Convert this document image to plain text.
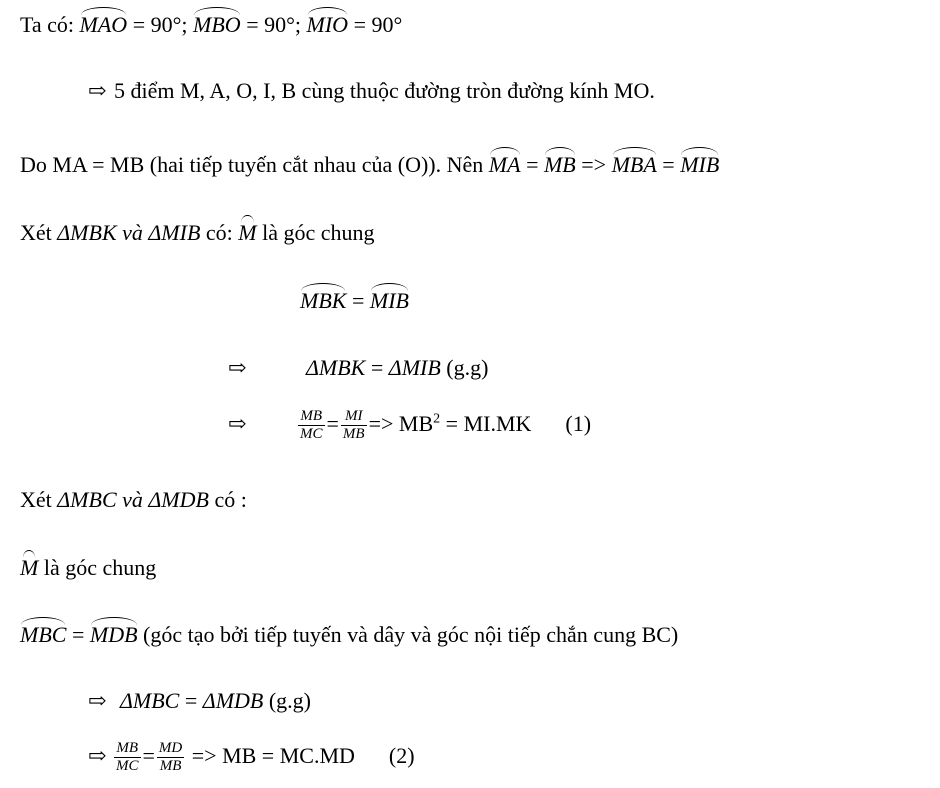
Ta có: MAO = 90°; MBO = 90°; MIO = 90°
⇨ 5 điểm M, A, O, I, B cùng thuộc đường tròn đường kính MO.
Do MA = MB (hai tiếp tuyến cắt nhau của (O)). Nên MA = MB => MBA = MIB
Xét ΔMBK và ΔMIB có: M là góc chung
MBK = MIB
⇨	ΔMBK = ΔMIB (g.g)
⇨	$\frac{MB}{MC} = \frac{MI}{MB} => MB^2 = MI.MK$ (1)
Xét ΔMBC và ΔMDB có :
M là góc chung
MBC = MDB (góc tạo bởi tiếp tuyến và dây và góc nội tiếp chắn cung BC)
⇨ ΔMBC = ΔMDB (g.g)
⇨ $\frac{MB}{MC} = \frac{MD}{MB}$ => MB = MC.MD (2)
